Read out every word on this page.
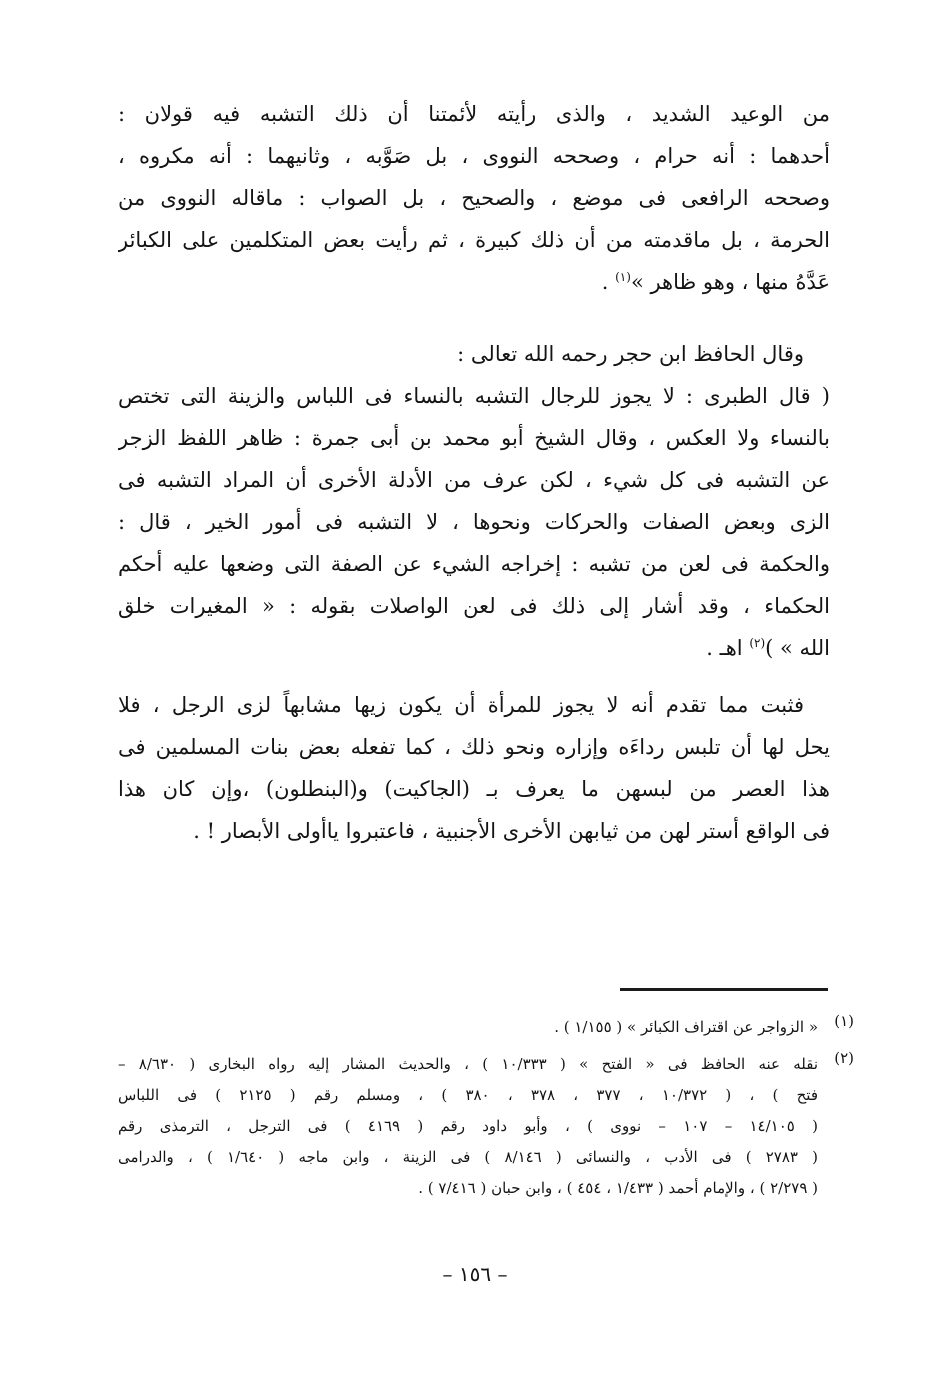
من الوعيد الشديد ، والذى رأيته لأئمتنا أن ذلك التشبه فيه قولان :
أحدهما : أنه حرام ، وصححه النووى ، بل صَوَّبه ، وثانيهما : أنه مكروه ،
وصححه الرافعى فى موضع ، والصحيح ، بل الصواب : ماقاله النووى من
الحرمة ، بل ماقدمته من أن ذلك كبيرة ، ثم رأيت بعض المتكلمين على الكبائر
عَدَّهُ منها ، وهو ظاهر »$^{(١)}$ .
وقال الحافظ ابن حجر رحمه الله تعالى :
( قال الطبرى : لا يجوز للرجال التشبه بالنساء فى اللباس والزينة التى تختص
بالنساء ولا العكس ، وقال الشيخ أبو محمد بن أبى جمرة : ظاهر اللفظ الزجر
عن التشبه فى كل شيء ، لكن عرف من الأدلة الأخرى أن المراد التشبه فى
الزى وبعض الصفات والحركات ونحوها ، لا التشبه فى أمور الخير ، قال :
والحكمة فى لعن من تشبه : إخراجه الشيء عن الصفة التى وضعها عليه أحكم
الحكماء ، وقد أشار إلى ذلك فى لعن الواصلات بقوله : « المغيرات خلق
الله » )$^{(٢)}$ اهـ .
فثبت مما تقدم أنه لا يجوز للمرأة أن يكون زيها مشابهاً لزى الرجل ، فلا
يحل لها أن تلبس رداءَه وإزاره ونحو ذلك ، كما تفعله بعض بنات المسلمين فى
هذا العصر من لبسهن ما يعرف بـ (الجاكيت) و(البنطلون) ،وإن كان هذا
فى الواقع أستر لهن من ثيابهن الأخرى الأجنبية ، فاعتبروا ياأولى الأبصار ! .
(١)
« الزواجر عن اقتراف الكبائر » ( ١/١٥٥ ) .
(٢)
نقله عنه الحافظ فى « الفتح » ( ١٠/٣٣٣ ) ، والحديث المشار إليه رواه البخارى ( ٨/٦٣٠ –
فتح ) ، ( ١٠/٣٧٢ ، ٣٧٧ ، ٣٧٨ ، ٣٨٠ ) ، ومسلم رقم ( ٢١٢٥ ) فى اللباس
( ١٤/١٠٥ – ١٠٧ – نووى ) ، وأبو داود رقم ( ٤١٦٩ ) فى الترجل ، الترمذى رقم
( ٢٧٨٣ ) فى الأدب ، والنسائى ( ٨/١٤٦ ) فى الزينة ، وابن ماجه ( ١/٦٤٠ ) ، والدرامى
( ٢/٢٧٩ ) ، والإمام أحمد ( ١/٤٣٣ ، ٤٥٤ ) ، وابن حبان ( ٧/٤١٦ ) .
– ١٥٦ –
